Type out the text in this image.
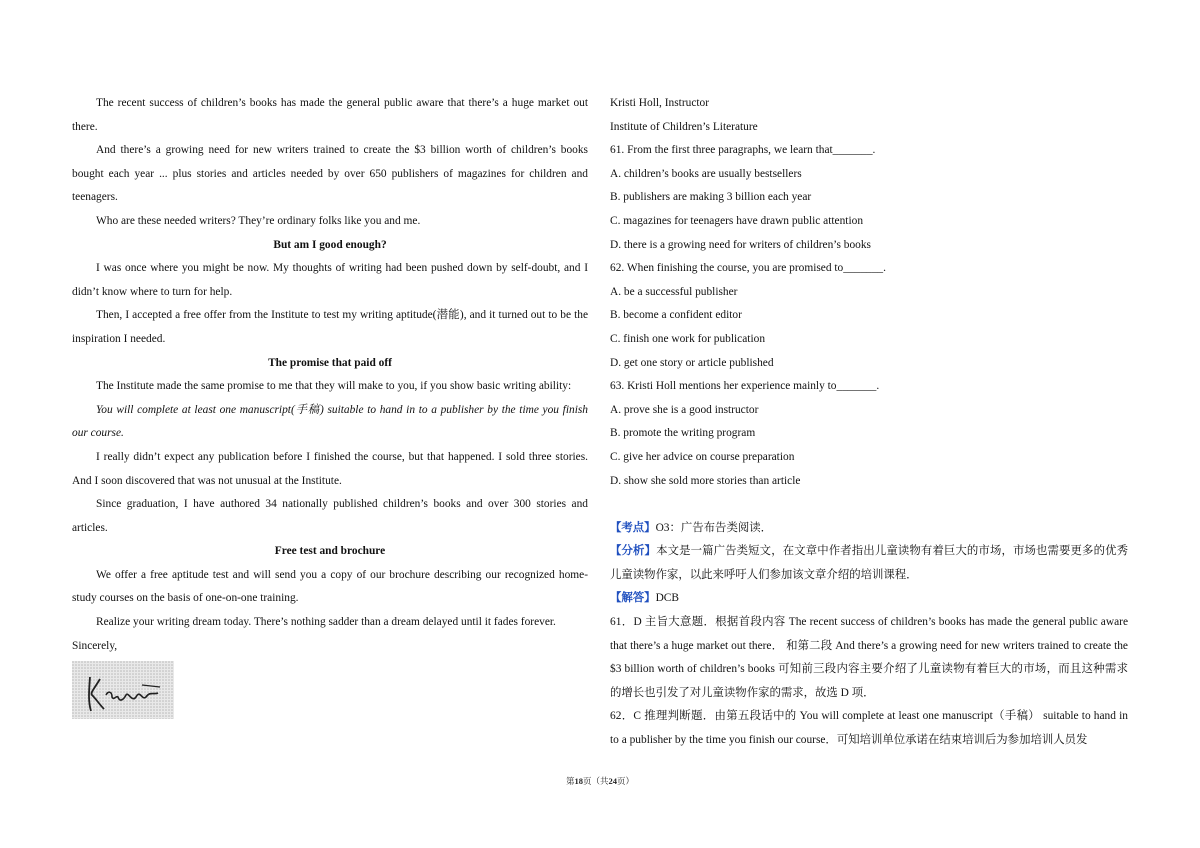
The recent success of children’s books has made the general public aware that there’s a huge market out there.

And there’s a growing need for new writers trained to create the $3 billion worth of children’s books bought each year ... plus stories and articles needed by over 650 publishers of magazines for children and teenagers.

Who are these needed writers? They’re ordinary folks like you and me.

But am I good enough?

I was once where you might be now. My thoughts of writing had been pushed down by self-doubt, and I didn’t know where to turn for help.

Then, I accepted a free offer from the Institute to test my writing aptitude(潜能), and it turned out to be the inspiration I needed.

The promise that paid off

The Institute made the same promise to me that they will make to you, if you show basic writing ability:

You will complete at least one manuscript(手稿) suitable to hand in to a publisher by the time you finish our course.

I really didn’t expect any publication before I finished the course, but that happened. I sold three stories. And I soon discovered that was not unusual at the Institute.

Since graduation, I have authored 34 nationally published children’s books and over 300 stories and articles.

Free test and brochure

We offer a free aptitude test and will send you a copy of our brochure describing our recognized home-study courses on the basis of one-on-one training.

Realize your writing dream today. There’s nothing sadder than a dream delayed until it fades forever.

Sincerely,

Kristi Holl, Instructor

Institute of Children’s Literature

61. From the first three paragraphs, we learn that_______.

A. children’s books are usually bestsellers

B. publishers are making 3 billion each year

C. magazines for teenagers have drawn public attention

D. there is a growing need for writers of children’s books

62. When finishing the course, you are promised to_______.

A. be a successful publisher

B. become a confident editor

C. finish one work for publication

D. get one story or article published

63. Kristi Holl mentions her experience mainly to_______.

A. prove she is a good instructor

B. promote the writing program

C. give her advice on course preparation

D. show she sold more stories than article

【考点】O3：广告布告类阅读．

【分析】本文是一篇广告类短文，在文章中作者指出儿童读物有着巨大的市场，市场也需要更多的优秀儿童读物作家，以此来呼吁人们参加该文章介绍的培训课程．

【解答】DCB

61．D 主旨大意题．根据首段内容 The recent success of children’s books has made the general public aware that there’s a huge market out there． 和第二段 And there’s a growing need for new writers trained to create the $3 billion worth of children’s books 可知前三段内容主要介绍了儿童读物有着巨大的市场，而且这种需求的增长也引发了对儿童读物作家的需求，故选 D 项．

62．C 推理判断题．由第五段话中的 You will complete at least one manuscript（手稿） suitable to hand in to a publisher by the time you finish our course．可知培训单位承诺在结束培训后为参加培训人员发

第18页（共24页）
